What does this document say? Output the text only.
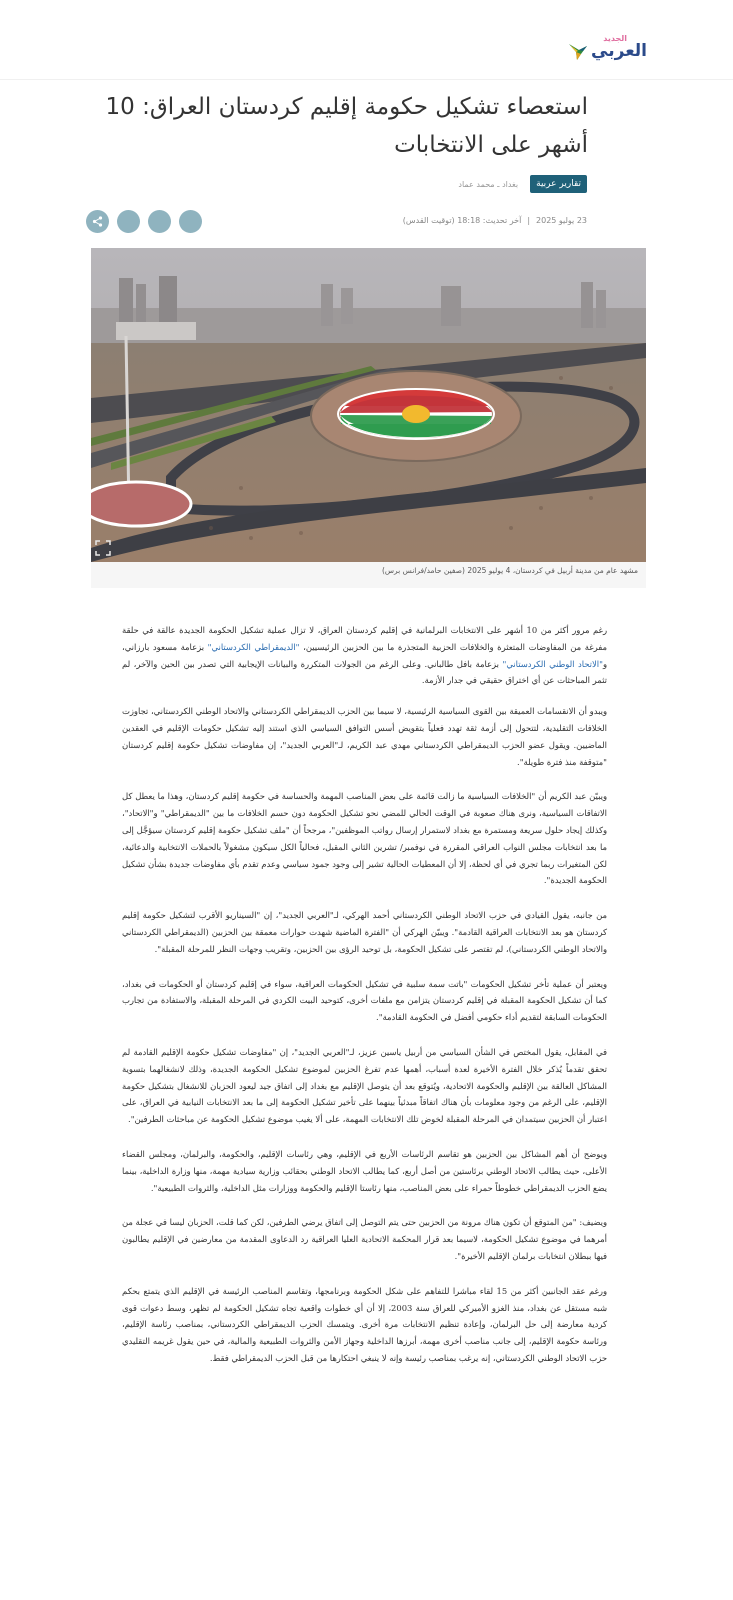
الجديد
العربي
استعصاء تشكيل حكومة إقليم كردستان العراق: 10 أشهر على الانتخابات
تقارير عربية
بغداد ـ محمد عماد
23 يوليو 2025
|
آخر تحديث: 18:18 (توقيت القدس)
مشهد عام من مدينة أربيل في كردستان، 4 يوليو 2025 (صفين حامد/فرانس برس)

رغم مرور أكثر من 10 أشهر على الانتخابات البرلمانية في إقليم كردستان العراق، لا تزال عملية تشكيل الحكومة الجديدة عالقة في حلقة مفرغة من المفاوضات المتعثرة والخلافات الحزبية المتجذرة ما بين الحزبين الرئيسيين، "الديمقراطي الكردستاني" بزعامة مسعود بارزاني، و"الاتحاد الوطني الكردستاني" بزعامة بافل طالباني. وعلى الرغم من الجولات المتكررة والبيانات الإيجابية التي تصدر بين الحين والآخر، لم تثمر المباحثات عن أي اختراق حقيقي في جدار الأزمة.

ويبدو أن الانقسامات العميقة بين القوى السياسية الرئيسية، لا سيما بين الحزب الديمقراطي الكردستاني والاتحاد الوطني الكردستاني، تجاوزت الخلافات التقليدية، لتتحول إلى أزمة ثقة تهدد فعلياً بتقويض أسس التوافق السياسي الذي استند إليه تشكيل حكومات الإقليم في العقدين الماضيين. ويقول عضو الحزب الديمقراطي الكردستاني مهدي عبد الكريم، لـ"العربي الجديد"، إن مفاوضات تشكيل حكومة إقليم كردستان "متوقفة منذ فترة طويلة".

ويبيّن عبد الكريم أن "الخلافات السياسية ما زالت قائمة على بعض المناصب المهمة والحساسة في حكومة إقليم كردستان، وهذا ما يعطل كل الاتفاقات السياسية، ونرى هناك صعوبة في الوقت الحالي للمضي نحو تشكيل الحكومة دون حسم الخلافات ما بين "الديمقراطي" و"الاتحاد"، وكذلك إيجاد حلول سريعة ومستمرة مع بغداد لاستمرار إرسال رواتب الموظفين"، مرجحاً أن "ملف تشكيل حكومة إقليم كردستان سيؤجَّل إلى ما بعد انتخابات مجلس النواب العراقي المقررة في نوفمبر/ تشرين الثاني المقبل، فحالياً الكل سيكون مشغولاً بالحملات الانتخابية والدعائية، لكن المتغيرات ربما تجري في أي لحظة، إلا أن المعطيات الحالية تشير إلى وجود جمود سياسي وعدم تقدم بأي مفاوضات جديدة بشأن تشكيل الحكومة الجديدة".

من جانبه، يقول القيادي في حزب الاتحاد الوطني الكردستاني أحمد الهركي، لـ"العربي الجديد"، إن "السيناريو الأقرب لتشكيل حكومة إقليم كردستان هو بعد الانتخابات العراقية القادمة". ويبيّن الهركي أن "الفترة الماضية شهدت حوارات معمقة بين الحزبين (الديمقراطي الكردستاني والاتحاد الوطني الكردستاني)، لم تقتصر على تشكيل الحكومة، بل توحيد الرؤى بين الحزبين، وتقريب وجهات النظر للمرحلة المقبلة".

ويعتبر أن عملية تأخر تشكيل الحكومات "باتت سمة سلبية في تشكيل الحكومات العراقية، سواء في إقليم كردستان أو الحكومات في بغداد، كما أن تشكيل الحكومة المقبلة في إقليم كردستان يتزامن مع ملفات أخرى، كتوحيد البيت الكردي في المرحلة المقبلة، والاستفادة من تجارب الحكومات السابقة لتقديم أداء حكومي أفضل في الحكومة القادمة".

في المقابل، يقول المختص في الشأن السياسي من أربيل ياسين عزيز، لـ"العربي الجديد"، إن "مفاوضات تشكيل حكومة الإقليم القادمة لم تحقق تقدماً يُذكر خلال الفترة الأخيرة لعدة أسباب، أهمها عدم تفرغ الحزبين لموضوع تشكيل الحكومة الجديدة، وذلك لانشغالهما بتسوية المشاكل العالقة بين الإقليم والحكومة الاتحادية، ويُتوقع بعد أن يتوصل الإقليم مع بغداد إلى اتفاق جيد ليعود الحزبان للانشغال بتشكيل حكومة الإقليم، على الرغم من وجود معلومات بأن هناك اتفاقاً مبدئياً بينهما على تأخير تشكيل الحكومة إلى ما بعد الانتخابات النيابية في العراق، على اعتبار أن الحزبين سيتمدان في المرحلة المقبلة لخوض تلك الانتخابات المهمة، على ألا يغيب موضوع تشكيل الحكومة عن مباحثات الطرفين".

ويوضح أن أهم المشاكل بين الحزبين هو تقاسم الرئاسات الأربع في الإقليم، وهي رئاسات الإقليم، والحكومة، والبرلمان، ومجلس القضاء الأعلى، حيث يطالب الاتحاد الوطني برئاستين من أصل أربع، كما يطالب الاتحاد الوطني بحقائب وزارية سيادية مهمة، منها وزارة الداخلية، بينما يضع الحزب الديمقراطي خطوطاً حمراء على بعض المناصب، منها رئاستا الإقليم والحكومة ووزارات مثل الداخلية، والثروات الطبيعية".

ويضيف: "من المتوقع أن تكون هناك مرونة من الحزبين حتى يتم التوصل إلى اتفاق يرضي الطرفين، لكن كما قلت، الحزبان ليسا في عجلة من أمرهما في موضوع تشكيل الحكومة، لاسيما بعد قرار المحكمة الاتحادية العليا العراقية رد الدعاوى المقدمة من معارضين في الإقليم يطالبون فيها ببطلان انتخابات برلمان الإقليم الأخيرة".

ورغم عقد الجانبين أكثر من 15 لقاء مباشرا للتفاهم على شكل الحكومة وبرنامجها، وتقاسم المناصب الرئيسة في الإقليم الذي يتمتع بحكم شبه مستقل عن بغداد، منذ الغزو الأميركي للعراق سنة 2003، إلا أن أي خطوات واقعية تجاه تشكيل الحكومة لم تظهر، وسط دعوات قوى كردية معارضة إلى حل البرلمان، وإعادة تنظيم الانتخابات مرة أخرى. ويتمسك الحزب الديمقراطي الكردستاني، بمناصب رئاسة الإقليم، ورئاسة حكومة الإقليم، إلى جانب مناصب أخرى مهمة، أبرزها الداخلية وجهاز الأمن والثروات الطبيعية والمالية، في حين يقول غريمه التقليدي حزب الاتحاد الوطني الكردستاني، إنه يرغب بمناصب رئيسة وإنه لا ينبغي احتكارها من قبل الحزب الديمقراطي فقط.
